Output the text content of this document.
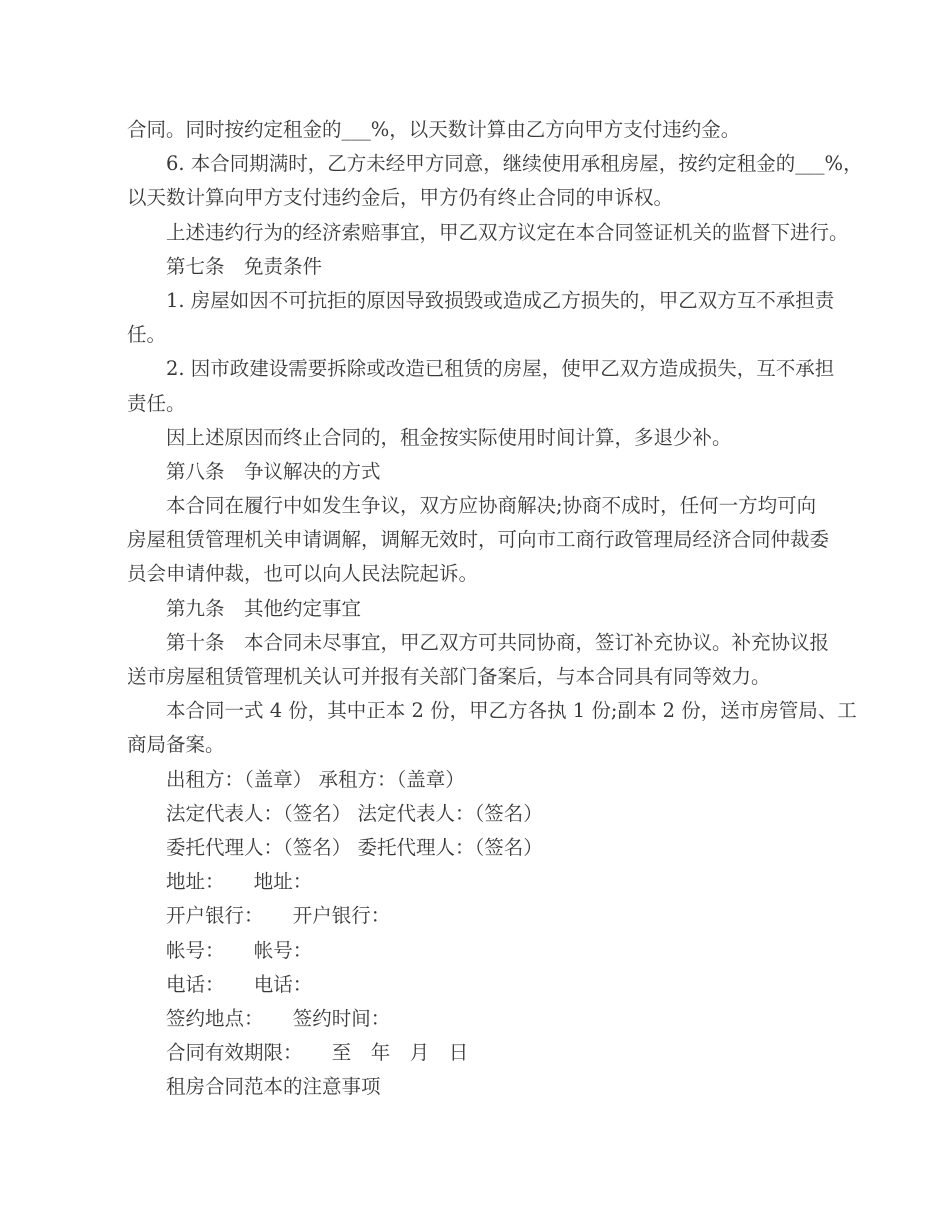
合同。同时按约定租金的___%，以天数计算由乙方向甲方支付违约金。
　　6. 本合同期满时，乙方未经甲方同意，继续使用承租房屋，按约定租金的___%，
以天数计算向甲方支付违约金后，甲方仍有终止合同的申诉权。
　　上述违约行为的经济索赔事宜，甲乙双方议定在本合同签证机关的监督下进行。
　　第七条　免责条件
　　1. 房屋如因不可抗拒的原因导致损毁或造成乙方损失的，甲乙双方互不承担责
任。
　　2. 因市政建设需要拆除或改造已租赁的房屋，使甲乙双方造成损失，互不承担
责任。
　　因上述原因而终止合同的，租金按实际使用时间计算，多退少补。
　　第八条　争议解决的方式
　　本合同在履行中如发生争议，双方应协商解决;协商不成时，任何一方均可向
房屋租赁管理机关申请调解，调解无效时，可向市工商行政管理局经济合同仲裁委
员会申请仲裁，也可以向人民法院起诉。
　　第九条　其他约定事宜
　　第十条　本合同未尽事宜，甲乙双方可共同协商，签订补充协议。补充协议报
送市房屋租赁管理机关认可并报有关部门备案后，与本合同具有同等效力。
　　本合同一式 4 份，其中正本 2 份，甲乙方各执 1 份;副本 2 份，送市房管局、工
商局备案。
　　出租方：（盖章） 承租方：（盖章）
　　法定代表人：（签名） 法定代表人：（签名）
　　委托代理人：（签名） 委托代理人：（签名）
　　地址：　　地址：
　　开户银行：　　开户银行：
　　帐号：　　帐号：
　　电话：　　电话：
　　签约地点：　　签约时间：
　　合同有效期限：　　至　年　月　日
　　租房合同范本的注意事项
